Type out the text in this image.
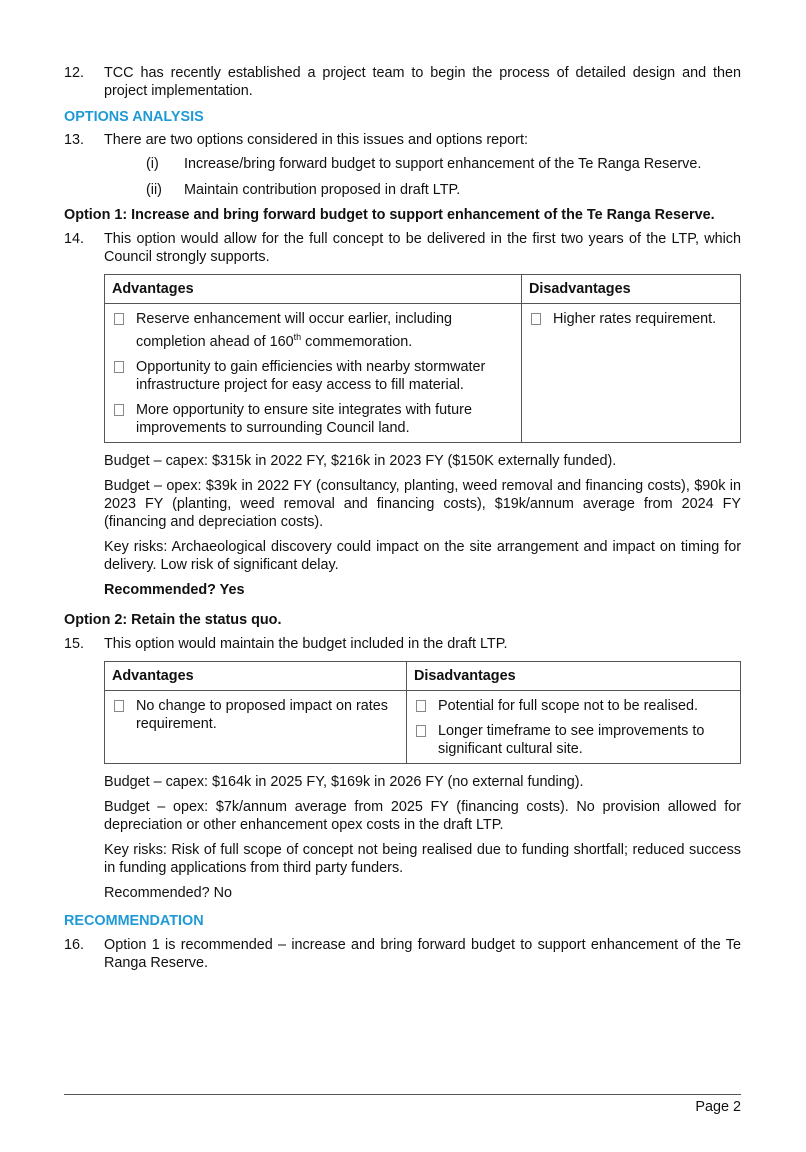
12. TCC has recently established a project team to begin the process of detailed design and then project implementation.

OPTIONS ANALYSIS

13. There are two options considered in this issues and options report:

(i) Increase/bring forward budget to support enhancement of the Te Ranga Reserve.
(ii) Maintain contribution proposed in draft LTP.

Option 1: Increase and bring forward budget to support enhancement of the Te Ranga Reserve.

14. This option would allow for the full concept to be delivered in the first two years of the LTP, which Council strongly supports.

Advantages	Disadvantages

Reserve enhancement will occur earlier, including completion ahead of 160th commemoration.
Opportunity to gain efficiencies with nearby stormwater infrastructure project for easy access to fill material.
More opportunity to ensure site integrates with future improvements to surrounding Council land.	Higher rates requirement.

Budget – capex: $315k in 2022 FY, $216k in 2023 FY ($150K externally funded).

Budget – opex: $39k in 2022 FY (consultancy, planting, weed removal and financing costs), $90k in 2023 FY (planting, weed removal and financing costs), $19k/annum average from 2024 FY (financing and depreciation costs).

Key risks: Archaeological discovery could impact on the site arrangement and impact on timing for delivery. Low risk of significant delay.

Recommended? Yes

Option 2: Retain the status quo.

15. This option would maintain the budget included in the draft LTP.

Advantages	Disadvantages

No change to proposed impact on rates requirement.	Potential for full scope not to be realised.
Longer timeframe to see improvements to significant cultural site.

Budget – capex: $164k in 2025 FY, $169k in 2026 FY (no external funding).

Budget – opex: $7k/annum average from 2025 FY (financing costs). No provision allowed for depreciation or other enhancement opex costs in the draft LTP.

Key risks: Risk of full scope of concept not being realised due to funding shortfall; reduced success in funding applications from third party funders.

Recommended? No

RECOMMENDATION

16. Option 1 is recommended – increase and bring forward budget to support enhancement of the Te Ranga Reserve.

Page 2
